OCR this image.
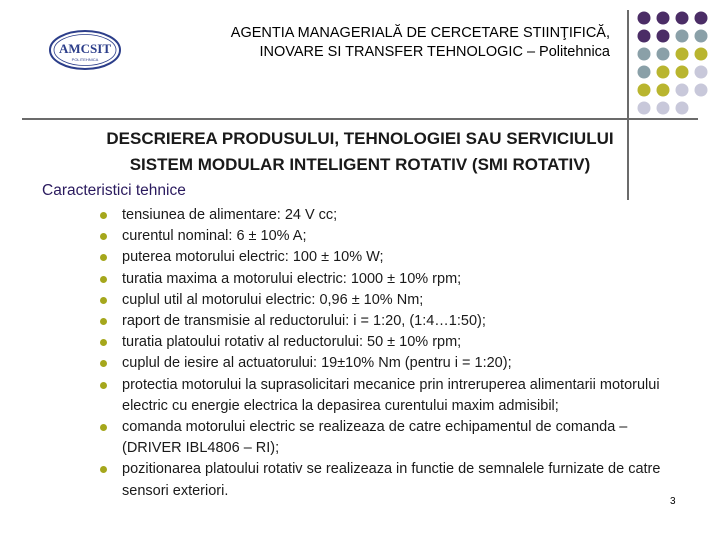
AMCSIT
POLITEHNICA
AGENTIA MANAGERIALĂ DE CERCETARE STIINŢIFICĂ,
INOVARE SI TRANSFER TEHNOLOGIC – Politehnica
DESCRIEREA PRODUSULUI, TEHNOLOGIEI SAU SERVICIULUI
SISTEM MODULAR INTELIGENT ROTATIV (SMI ROTATIV)
Caracteristici tehnice
tensiunea de alimentare: 24 V cc;
curentul nominal: 6 ± 10% A;
puterea motorului electric: 100 ± 10% W;
turatia maxima a motorului electric: 1000 ± 10% rpm;
cuplul util al motorului electric: 0,96 ± 10% Nm;
raport de transmisie al reductorului: i = 1:20, (1:4…1:50);
turatia platoului rotativ al reductorului: 50 ± 10% rpm;
cuplul de iesire al actuatorului: 19±10% Nm (pentru i = 1:20);
protectia motorului la suprasolicitari mecanice prin intreruperea alimentarii motorului electric cu energie electrica la depasirea curentului maxim admisibil;
comanda motorului electric se realizeaza de catre echipamentul de comanda – (DRIVER IBL4806 – RI);
pozitionarea platoului rotativ se realizeaza in functie de semnalele furnizate de catre sensori exteriori.
3
